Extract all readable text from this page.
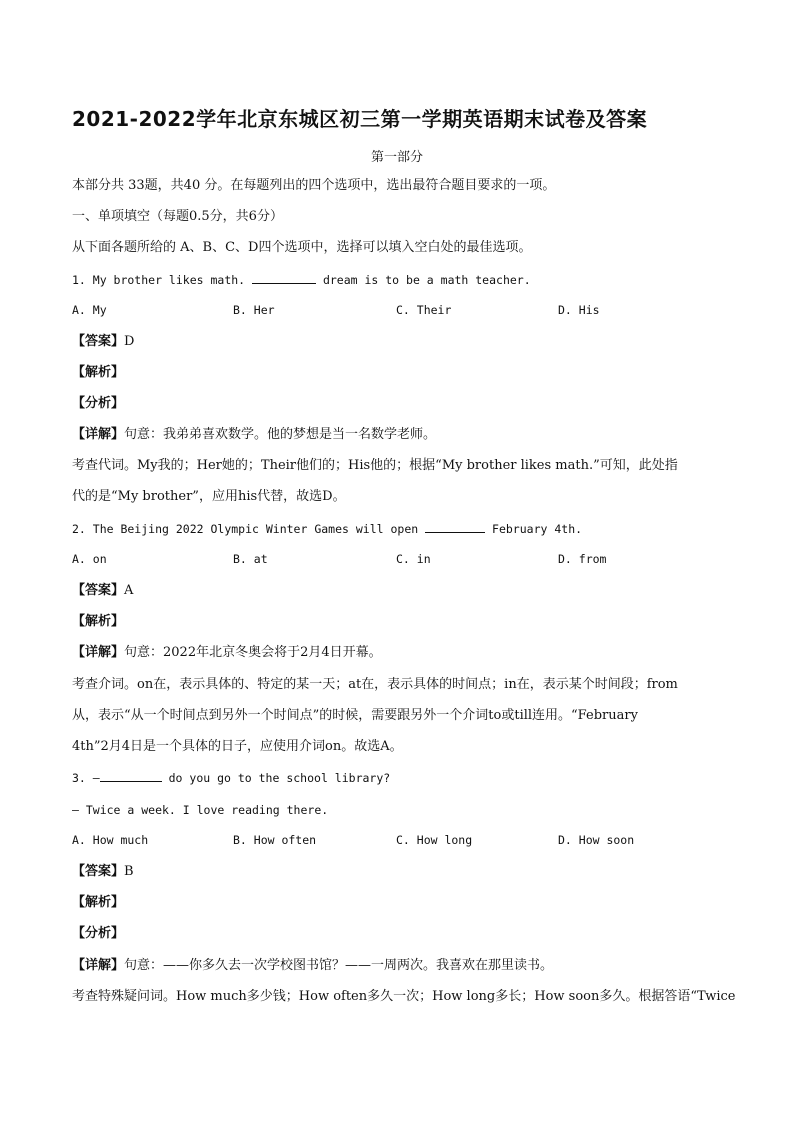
2021-2022学年北京东城区初三第一学期英语期末试卷及答案
第一部分
本部分共 33题，共40 分。在每题列出的四个选项中，选出最符合题目要求的一项。
一、单项填空（每题0.5分，共6分）
从下面各题所给的 A、B、C、D四个选项中，选择可以填入空白处的最佳选项。
1. My brother likes math.	dream is to be a math teacher.
A. My	B. Her	C. Their	D. His
【答案】D
【解析】
【分析】
【详解】句意：我弟弟喜欢数学。他的梦想是当一名数学老师。
考查代词。My我的；Her她的；Their他们的；His他的；根据“My brother likes math.”可知，此处指
代的是“My brother”，应用his代替，故选D。
2. The Beijing 2022 Olympic Winter Games will open	February 4th.
A. on	B. at	C. in	D. from
【答案】A
【解析】
【详解】句意：2022年北京冬奥会将于2月4日开幕。
考查介词。on在，表示具体的、特定的某一天；at在，表示具体的时间点；in在，表示某个时间段；from
从，表示“从一个时间点到另外一个时间点”的时候，需要跟另外一个介词to或till连用。“February
4th”2月4日是一个具体的日子，应使用介词on。故选A。
3. —	do you go to the school library?
— Twice a week. I love reading there.
A. How much	B. How often	C. How long	D. How soon
【答案】B
【解析】
【分析】
【详解】句意：——你多久去一次学校图书馆？——一周两次。我喜欢在那里读书。
考查特殊疑问词。How much多少钱；How often多久一次；How long多长；How soon多久。根据答语“Twice
